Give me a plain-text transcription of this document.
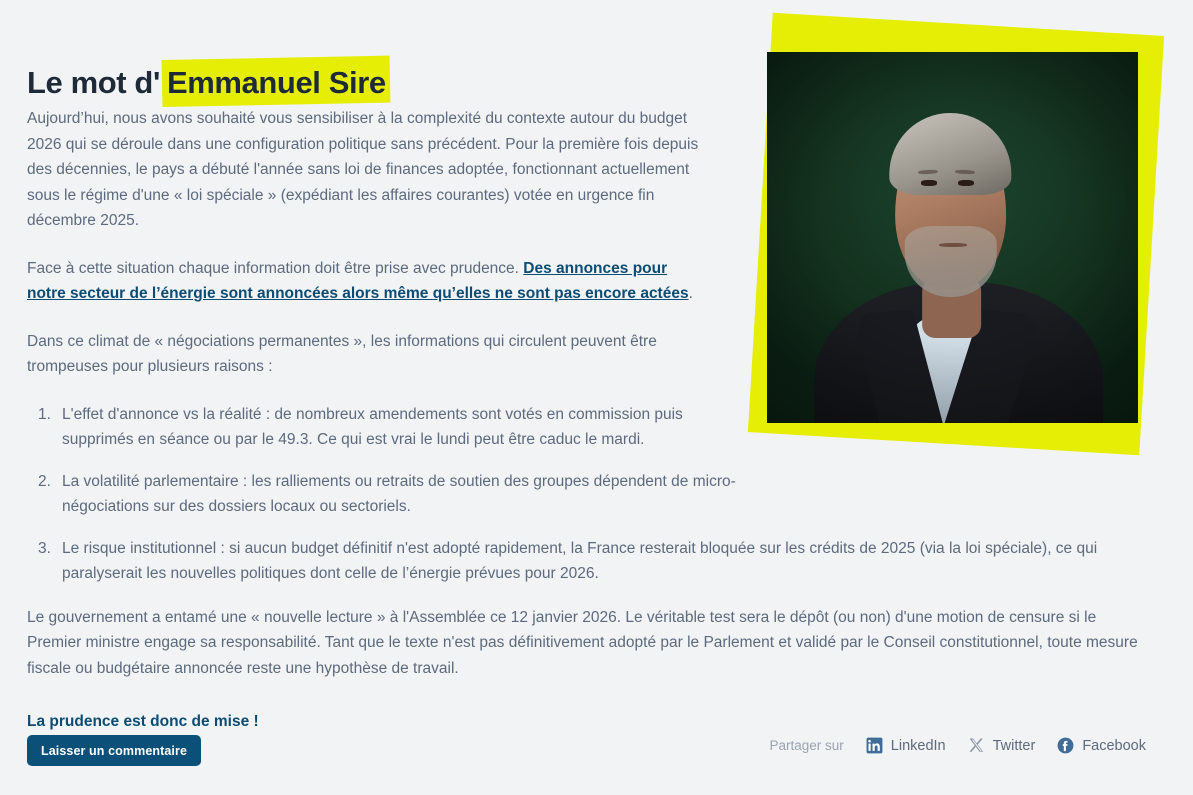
Le mot d' Emmanuel Sire

Aujourd’hui, nous avons souhaité vous sensibiliser à la complexité du contexte autour du budget 2026 qui se déroule dans une configuration politique sans précédent. Pour la première fois depuis des décennies, le pays a débuté l'année sans loi de finances adoptée, fonctionnant actuellement sous le régime d'une « loi spéciale » (expédiant les affaires courantes) votée en urgence fin décembre 2025.

Face à cette situation chaque information doit être prise avec prudence. Des annonces pour notre secteur de l’énergie sont annoncées alors même qu’elles ne sont pas encore actées.

Dans ce climat de « négociations permanentes », les informations qui circulent peuvent être trompeuses pour plusieurs raisons :

L'effet d'annonce vs la réalité : de nombreux amendements sont votés en commission puis supprimés en séance ou par le 49.3. Ce qui est vrai le lundi peut être caduc le mardi.
La volatilité parlementaire : les ralliements ou retraits de soutien des groupes dépendent de micro-négociations sur des dossiers locaux ou sectoriels.
Le risque institutionnel : si aucun budget définitif n'est adopté rapidement, la France resterait bloquée sur les crédits de 2025 (via la loi spéciale), ce qui paralyserait les nouvelles politiques dont celle de l’énergie prévues pour 2026.

Le gouvernement a entamé une « nouvelle lecture » à l'Assemblée ce 12 janvier 2026. Le véritable test sera le dépôt (ou non) d'une motion de censure si le Premier ministre engage sa responsabilité. Tant que le texte n'est pas définitivement adopté par le Parlement et validé par le Conseil constitutionnel, toute mesure fiscale ou budgétaire annoncée reste une hypothèse de travail.

La prudence est donc de mise !

Laisser un commentaire	Partager sur	LinkedIn	Twitter	Facebook
